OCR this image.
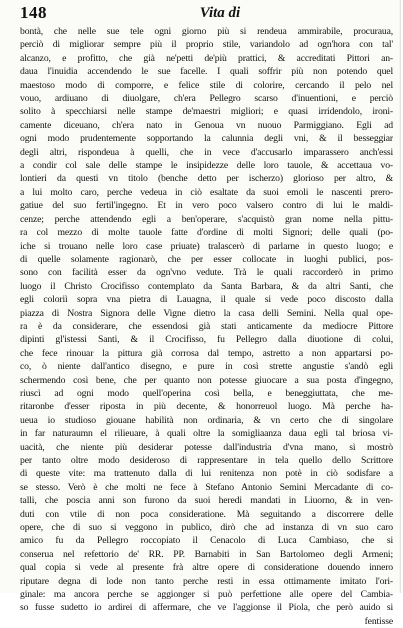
148	Vita di
bontà, che nelle sue tele ogni giorno più si rendeua ammirabile, procuraua,
perciò di migliorar sempre più il proprio stile, variandolo ad ogn'hora con tal'
alcanzo, e profitto, che già ne'petti de'più prattici, & accreditati Pittori an-
daua l'inuidia accendendo le sue facelle. I quali soffrir più non potendo quel
maestoso modo di comporre, e felice stile di colorire, cercando il pelo nel
vouo, ardiuano di diuolgare, ch'era Pellegro scarso d'inuentioni, e perciò
solito à specchiarsi nelle stampe de'maestri migliori; e quasi irridendolo, ironi-
camente diceuano, ch'era nato in Genoua vn nuouo Parmiggiano. Egli ad
ogni modo prudentemente sopportando la calunnia degli vni, & il besseggiar
degli altri, rispondeua à quelli, che in vece d'accusarlo imparassero anch'essi
a condir col sale delle stampe le insipidezze delle loro tauole, & accettaua vo-
lontieri da questi vn titolo (benche detto per ischerzo) glorioso per altro, &
a lui molto caro, perche vedeua in ciò esaltate da suoi emoli le nascenti prero-
gatiue del suo fertil'ingegno. Et in vero poco valsero contro di lui le maldi-
cenze; perche attendendo egli a ben'operare, s'acquistò gran nome nella pittu-
ra col mezzo di molte tauole fatte d'ordine di molti Signori; delle quali (po-
iche si trouano nelle loro case priuate) tralascerò di parlarne in questo luogo; e
di quelle solamente ragionarò, che per esser collocate in luoghi publici, pos-
sono con facilità esser da ogn'vno vedute. Trà le quali raccorderò in primo
luogo il Christo Crocifisso contemplato da Santa Barbara, & da altri Santi, che
egli coloriì sopra vna pietra di Lauagna, il quale si vede poco discosto dalla
piazza di Nostra Signora delle Vigne dietro la casa delli Semini. Nella qual ope-
ra è da considerare, che essendosi già stati anticamente da mediocre Pittore
dipinti gl'istessi Santi, & il Crocifisso, fu Pellegro dalla diuotione di colui,
che fece rinouar la pittura già corrosa dal tempo, astretto a non appartarsi po-
co, ò niente dall'antico disegno, e pure in così strette angustie s'andò egli
schermendo così bene, che per quanto non potesse giuocare a sua posta d'ingegno,
riuscì ad ogni modo quell'operina così bella, e beneggiuttata, che me-
ritaronbe d'esser riposta in più decente, & honorreuol luogo. Mà perche ha-
ueua io studioso giouane habilità non ordinaria, & vn certo che di singolare
in far naturaumn el rilieuare, à quali oltre la somigliaanza daua egli tal briosa vi-
uacità, che niente più desiderar potesse dall'industria d'vna mano, sì mostrò
per tanto oltre modo desideroso di rappresentare in tela quello dello Scrittore
di queste vite: ma trattenuto dalla di lui renitenza non potè in ciò sodisfare a
se stesso. Verò è che molti ne fece à Stefano Antonio Semini Mercadante di co-
talli, che poscia anni son furono da suoi heredi mandati in Liuorno, & in ven-
duti con vtile di non poca consideratione. Mà seguitando a discorrere delle
opere, che di suo si veggono in publico, dirò che ad instanza di vn suo caro
amico fu da Pellegro roccopiato il Cenacolo di Luca Cambiaso, che si
conserua nel refettorio de' RR. PP. Barnabiti in San Bartolomeo degli Armeni;
qual copia si vede al presente frà altre opere di consideratione douendo innero
riputare degna di lode non tanto perche resti in essa ottimamente imitato l'ori-
ginale: ma ancora perche se aggionger si può perfettione alle opere del Cambia-
so fusse sudetto io ardirei di affermare, che ve l'aggionse il Piola, che però auido si
fentisse
